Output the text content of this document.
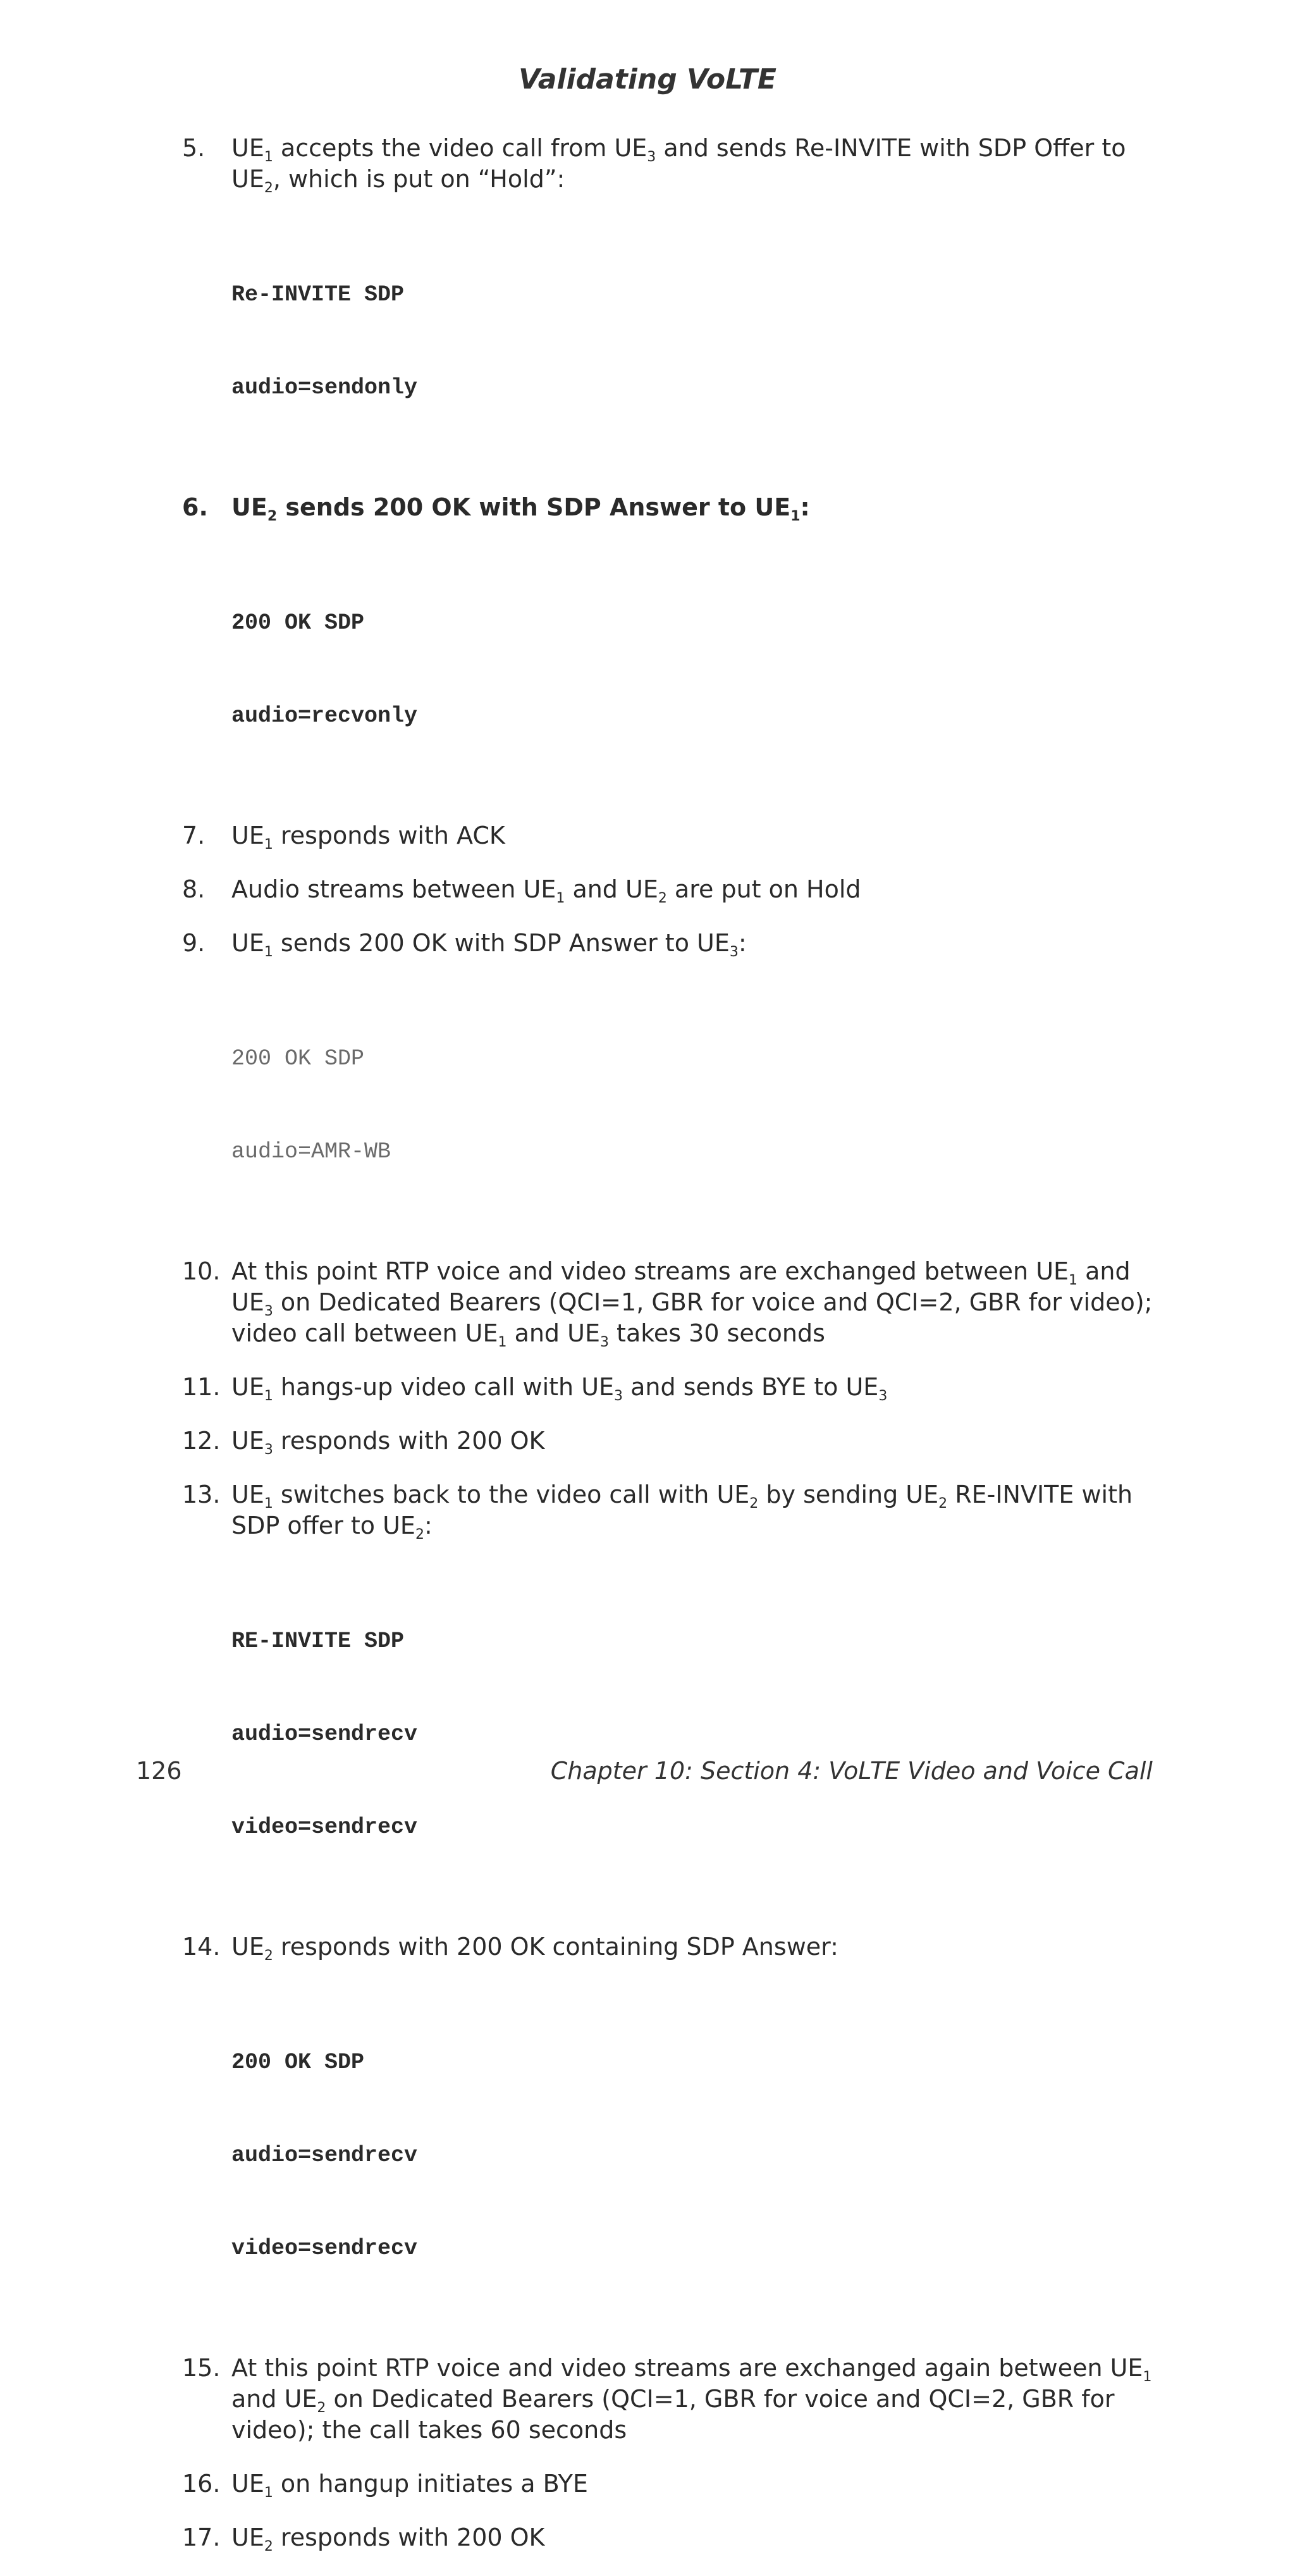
Validating VoLTE
5. $UE_1$ accepts the video call from $UE_3$ and sends Re-INVITE with SDP Offer to $UE_2$, which is put on “Hold”:

Re-INVITE SDP

audio=sendonly

6. $UE_2$ sends 200 OK with SDP Answer to $UE_1$:

200 OK SDP

audio=recvonly

7. $UE_1$ responds with ACK
8. Audio streams between $UE_1$ and $UE_2$ are put on Hold
9. $UE_1$ sends 200 OK with SDP Answer to $UE_3$:

200 OK SDP

audio=AMR-WB

10. At this point RTP voice and video streams are exchanged between $UE_1$ and $UE_3$ on Dedicated Bearers (QCI=1, GBR for voice and QCI=2, GBR for video); video call between $UE_1$ and $UE_3$ takes 30 seconds
11. $UE_1$ hangs-up video call with $UE_3$ and sends BYE to $UE_3$
12. $UE_3$ responds with 200 OK
13. $UE_1$ switches back to the video call with $UE_2$ by sending $UE_2$ RE-INVITE with SDP offer to $UE_2$:

RE-INVITE SDP

audio=sendrecv

video=sendrecv

14. $UE_2$ responds with 200 OK containing SDP Answer:

200 OK SDP

audio=sendrecv

video=sendrecv

15. At this point RTP voice and video streams are exchanged again between $UE_1$ and $UE_2$ on Dedicated Bearers (QCI=1, GBR for voice and QCI=2, GBR for video); the call takes 60 seconds
16. $UE_1$ on hangup initiates a BYE
17. $UE_2$ responds with 200 OK
126	Chapter 10: Section 4: VoLTE Video and Voice Call
